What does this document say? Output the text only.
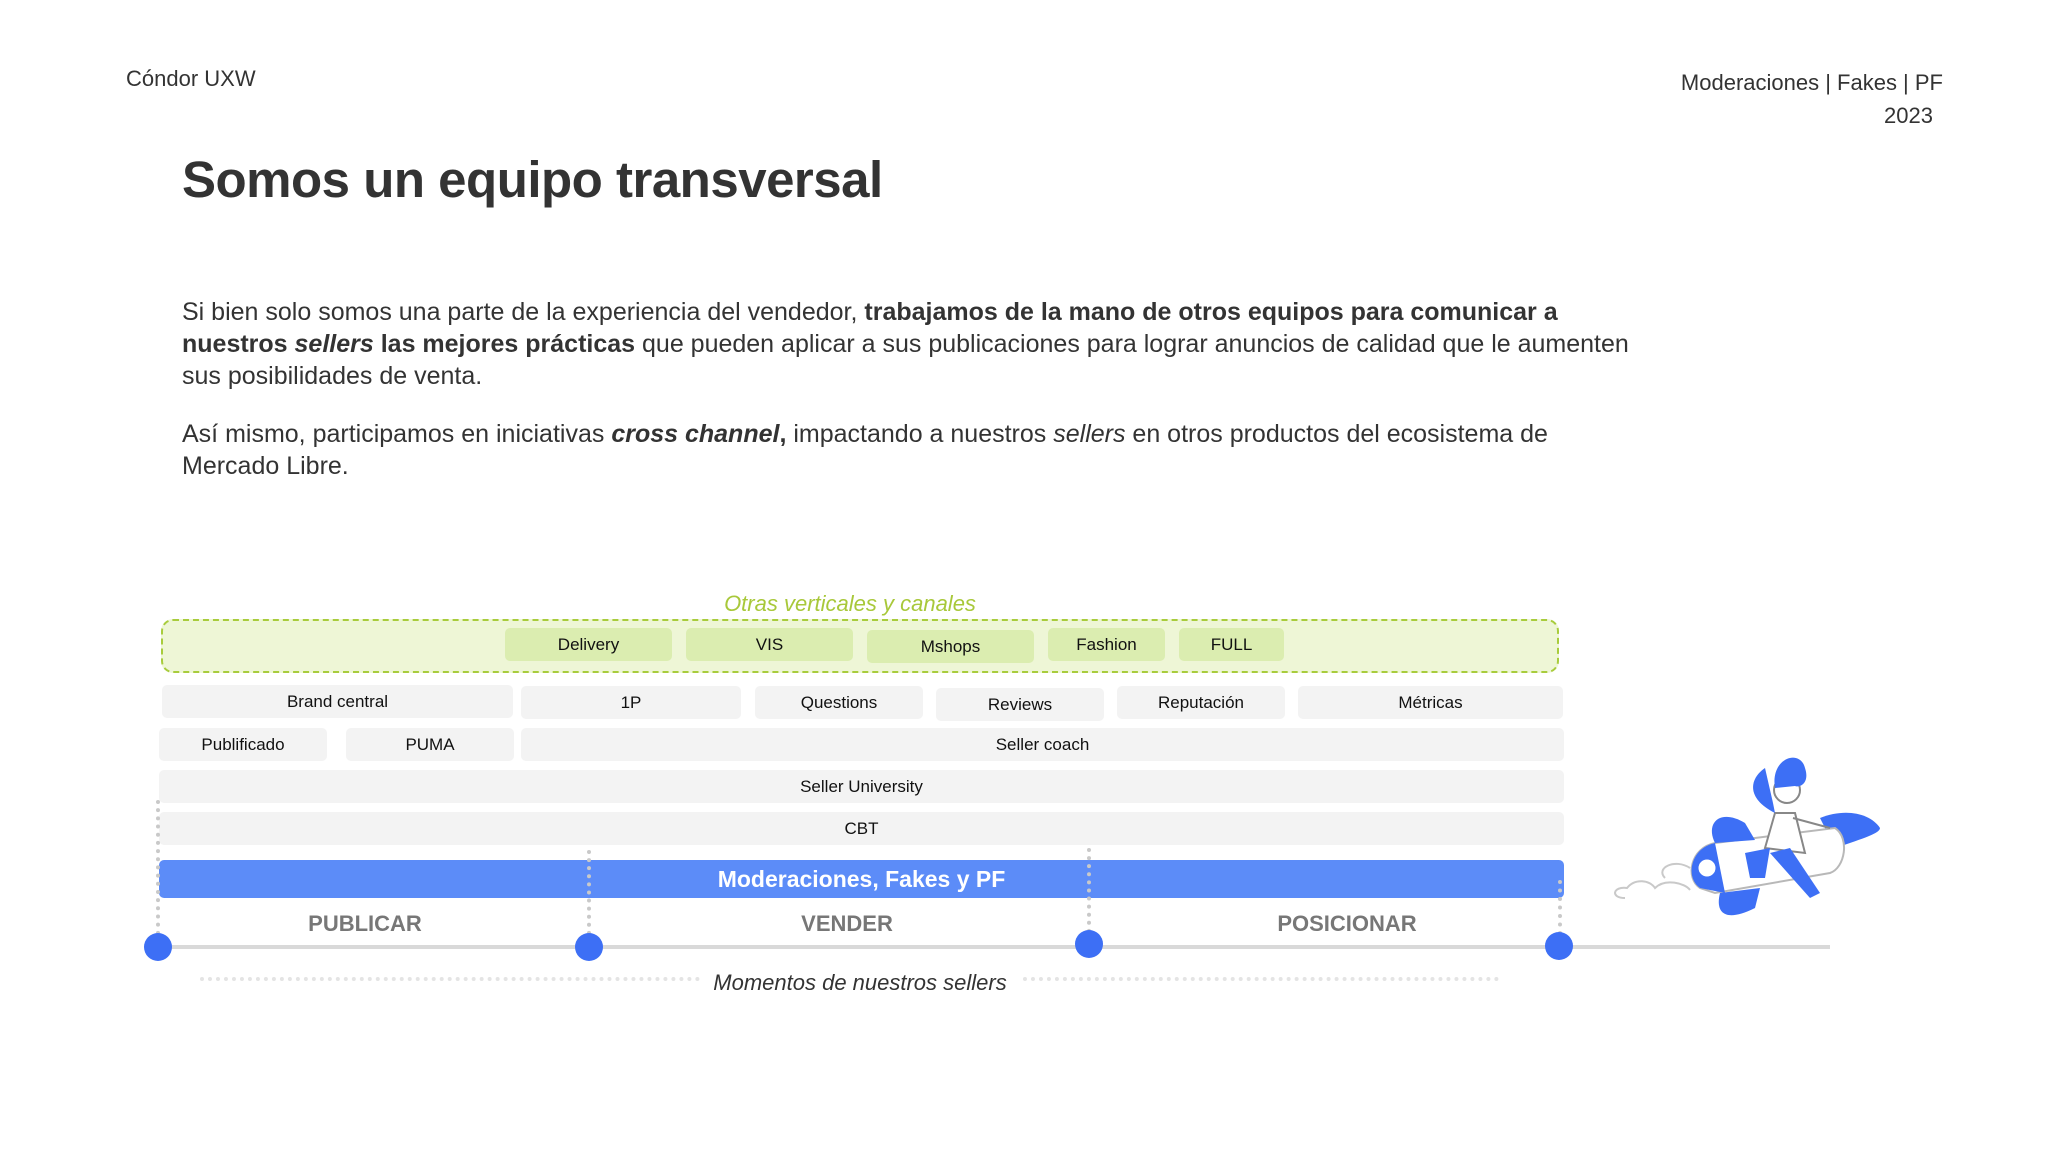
Cóndor UXW	Moderaciones | Fakes | PF
2023
Somos un equipo transversal
Si bien solo somos una parte de la experiencia del vendedor, trabajamos de la mano de otros equipos para comunicar a nuestros sellers las mejores prácticas que pueden aplicar a sus publicaciones para lograr anuncios de calidad que le aumenten sus posibilidades de venta.
Así mismo, participamos en iniciativas cross channel, impactando a nuestros sellers en otros productos del ecosistema de Mercado Libre.
Otras verticales y canales
Delivery	VIS	Mshops	Fashion	FULL
Brand central	1P	Questions	Reviews	Reputación	Métricas
Publificado	PUMA	Seller coach
Seller University
CBT
Moderaciones, Fakes y PF
PUBLICAR	VENDER	POSICIONAR
Momentos de nuestros sellers
